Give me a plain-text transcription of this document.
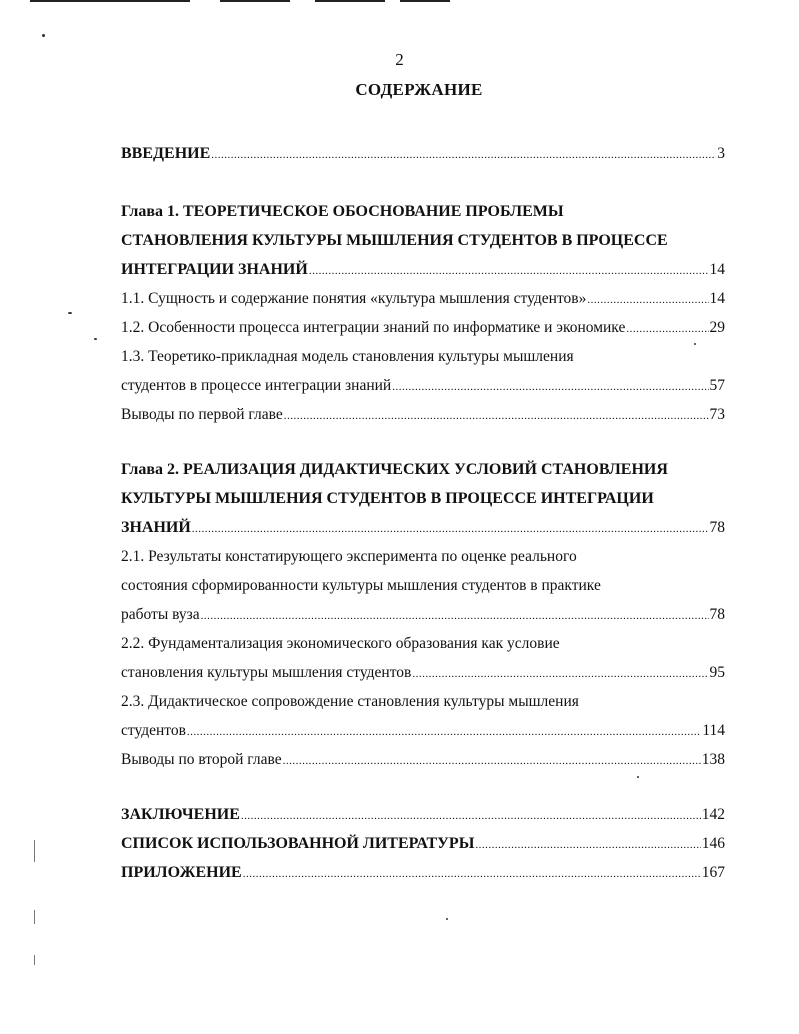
2
СОДЕРЖАНИЕ
ВВЕДЕНИЕ .....	3
Глава 1. ТЕОРЕТИЧЕСКОЕ ОБОСНОВАНИЕ ПРОБЛЕМЫ
СТАНОВЛЕНИЯ КУЛЬТУРЫ МЫШЛЕНИЯ СТУДЕНТОВ В ПРОЦЕССЕ
ИНТЕГРАЦИИ ЗНАНИЙ .....	14
1.1. Сущность и содержание понятия «культура мышления студентов» .....	14
1.2. Особенности процесса интеграции знаний по информатике и экономике .....	29
1.3. Теоретико-прикладная модель становления культуры мышления
студентов в процессе интеграции знаний .....	57
Выводы по первой главе .....	73
Глава 2. РЕАЛИЗАЦИЯ ДИДАКТИЧЕСКИХ УСЛОВИЙ СТАНОВЛЕНИЯ
КУЛЬТУРЫ МЫШЛЕНИЯ СТУДЕНТОВ В ПРОЦЕССЕ ИНТЕГРАЦИИ
ЗНАНИЙ .....	78
2.1. Результаты констатирующего эксперимента по оценке реального
состояния сформированности культуры мышления студентов в практике
работы вуза .....	78
2.2. Фундаментализация экономического образования как условие
становления культуры мышления студентов .....	95
2.3. Дидактическое сопровождение становления культуры мышления
студентов .....	114
Выводы по второй главе .....	138
ЗАКЛЮЧЕНИЕ .....	142
СПИСОК ИСПОЛЬЗОВАННОЙ ЛИТЕРАТУРЫ .....	146
ПРИЛОЖЕНИЕ .....	167
